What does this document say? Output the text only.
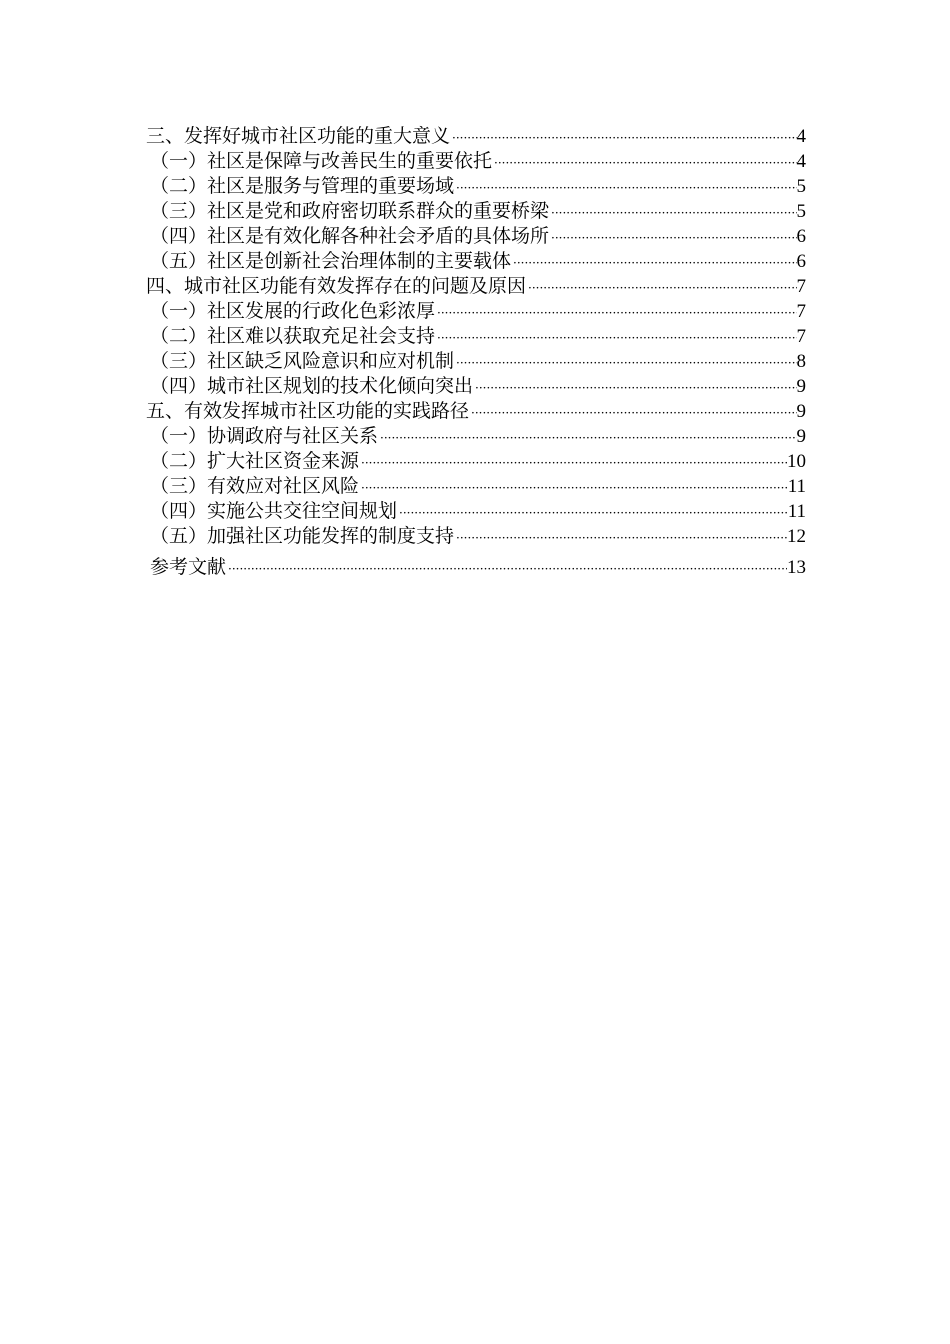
三、发挥好城市社区功能的重大意义 ·····	4
（一）社区是保障与改善民生的重要依托 ·····	4
（二）社区是服务与管理的重要场域 ·····	5
（三）社区是党和政府密切联系群众的重要桥梁 ·····	5
（四）社区是有效化解各种社会矛盾的具体场所 ·····	6
（五）社区是创新社会治理体制的主要载体 ·····	6
四、城市社区功能有效发挥存在的问题及原因 ·····	7
（一）社区发展的行政化色彩浓厚 ·····	7
（二）社区难以获取充足社会支持 ·····	7
（三）社区缺乏风险意识和应对机制 ·····	8
（四）城市社区规划的技术化倾向突出 ·····	9
五、有效发挥城市社区功能的实践路径 ·····	9
（一）协调政府与社区关系 ·····	9
（二）扩大社区资金来源 ·····	10
（三）有效应对社区风险 ·····	11
（四）实施公共交往空间规划 ·····	11
（五）加强社区功能发挥的制度支持 ·····	12
参考文献 ·····	13
